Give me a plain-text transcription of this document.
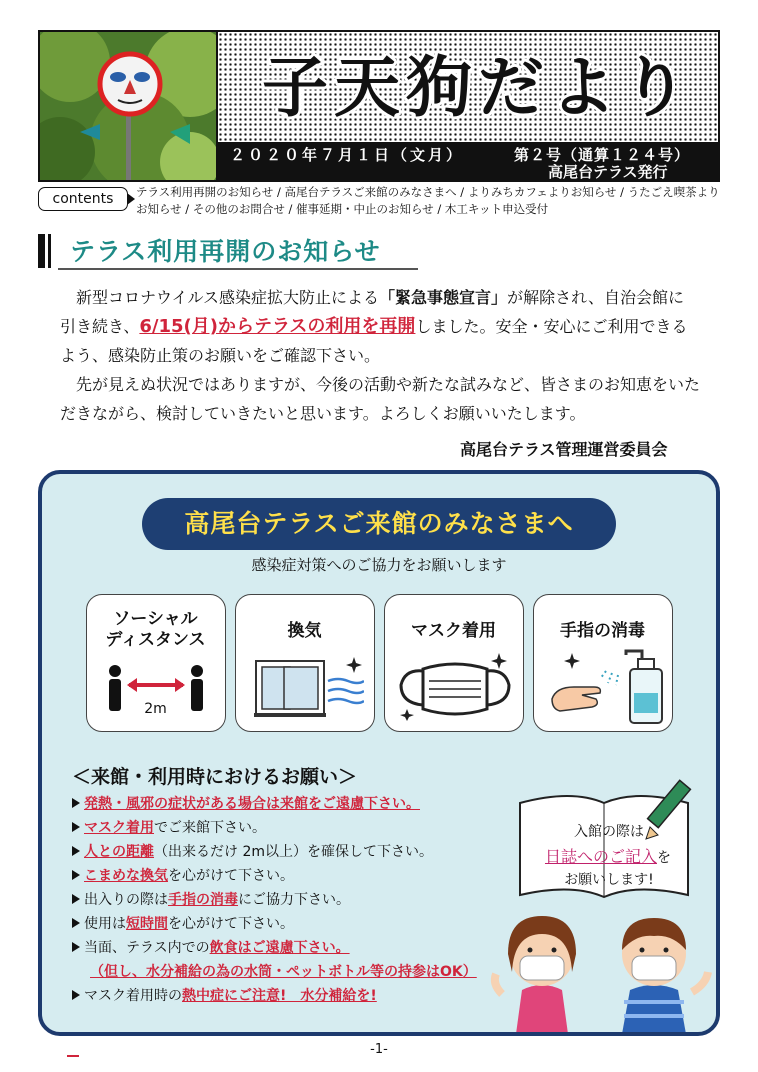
子天狗だより
２０２０年７月１日（文月）	第２号（通算１２４号）
高尾台テラス発行
contents	テラス利用再開のお知らせ / 高尾台テラスご来館のみなさまへ / よりみちカフェよりお知らせ / うたごえ喫茶よりお知らせ / その他のお問合せ / 催事延期・中止のお知らせ / 木工キット申込受付
テラス利用再開のお知らせ
新型コロナウイルス感染症拡大防止による「緊急事態宣言」が解除され、自治会館に引き続き、6/15(月)からテラスの利用を再開しました。安全・安心にご利用できるよう、感染防止策のお願いをご確認下さい。
先が見えぬ状況ではありますが、今後の活動や新たな試みなど、皆さまのお知恵をいただきながら、検討していきたいと思います。よろしくお願いいたします。
高尾台テラス管理運営委員会
高尾台テラスご来館のみなさまへ
感染症対策へのご協力をお願いします
ソーシャル
ディスタンス
2m
換気	マスク着用	手指の消毒
＜来館・利用時におけるお願い＞
発熱・風邪の症状がある場合は来館をご遠慮下さい。
マスク着用でご来館下さい。
人との距離（出来るだけ 2m以上）を確保して下さい。
こまめな換気を心がけて下さい。
出入りの際は手指の消毒にご協力下さい。
使用は短時間を心がけて下さい。
当面、テラス内での飲食はご遠慮下さい。
（但し、水分補給の為の水筒・ペットボトル等の持参はOK）
マスク着用時の熱中症にご注意!　水分補給を!
入館の際は
日誌へのご記入を
お願いします!
-1-
